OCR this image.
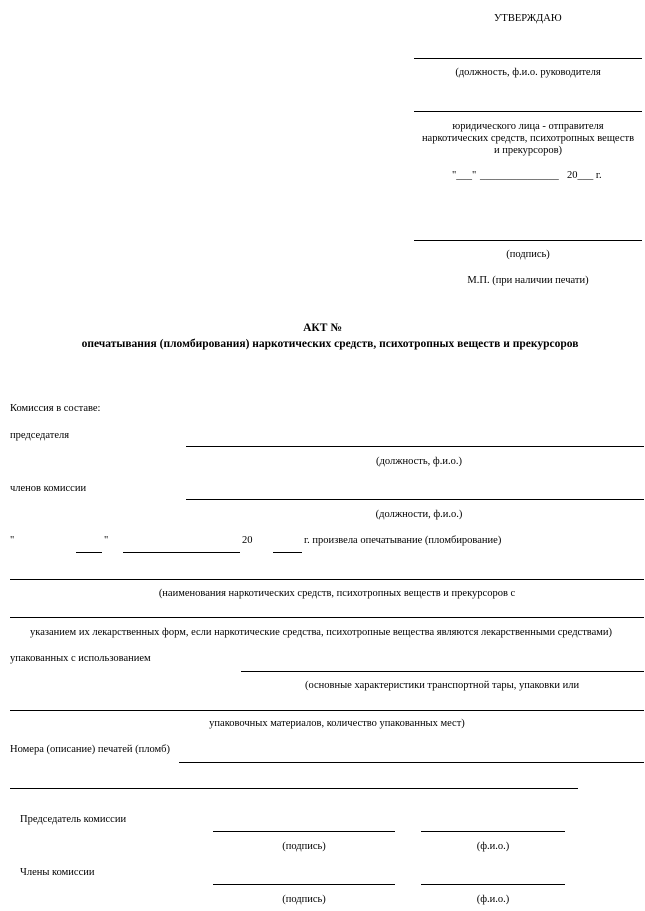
УТВЕРЖДАЮ
(должность, ф.и.о. руководителя
юридического лица - отправителя
наркотических средств, психотропных веществ
и прекурсоров)
"___" _______________ 20___ г.
(подпись)
М.П. (при наличии печати)
АКТ №
опечатывания (пломбирования) наркотических средств, психотропных веществ и прекурсоров
Комиссия в составе:
председателя
(должность, ф.и.о.)
членов комиссии
(должности, ф.и.о.)
"	"	20	г. произвела опечатывание (пломбирование)
(наименования наркотических средств, психотропных веществ и прекурсоров с
указанием их лекарственных форм, если наркотические средства, психотропные вещества являются лекарственными средствами)
упакованных с использованием
(основные характеристики транспортной тары, упаковки или
упаковочных материалов, количество упакованных мест)
Номера (описание) печатей (пломб)
Председатель комиссии
(подпись)	(ф.и.о.)
Члены комиссии
(подпись)	(ф.и.о.)
